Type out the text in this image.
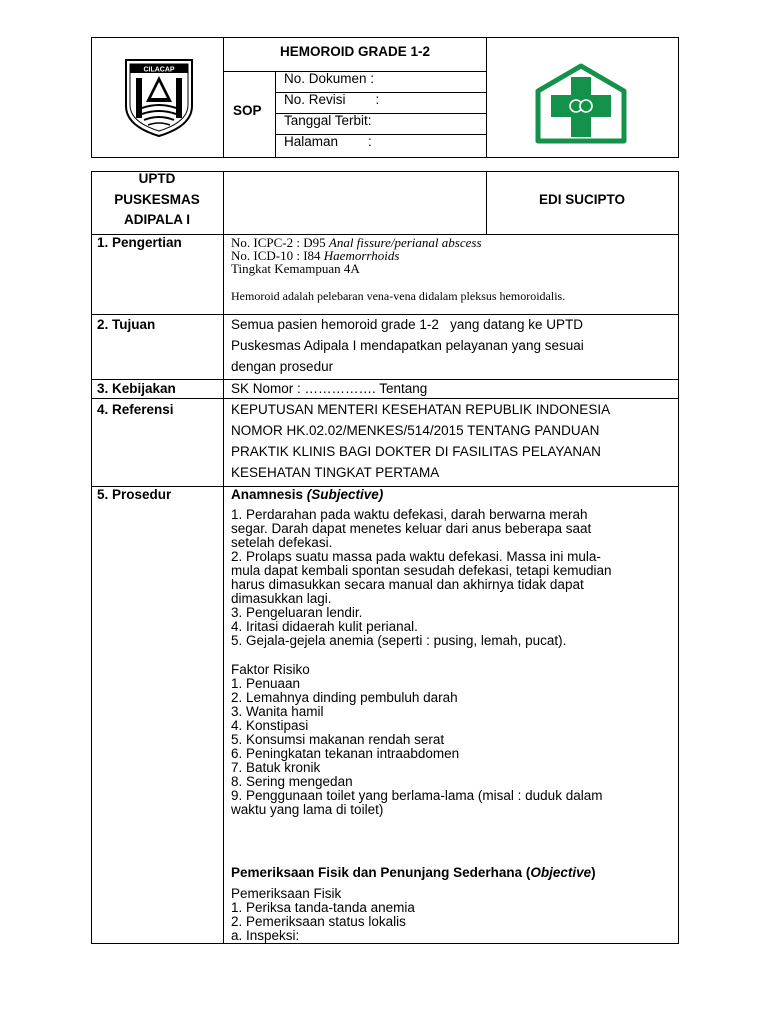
CILACAP
HEMOROID GRADE 1-2
SOP
No. Dokumen :
No. Revisi        :
Tanggal Terbit:
Halaman        :
UPTD
PUSKESMAS
ADIPALA I
EDI SUCIPTO
1. Pengertian	No. ICPC-2 : D95 Anal fissure/perianal abscess
No. ICD-10 : I84 Haemorrhoids
Tingkat Kemampuan 4A
Hemoroid adalah pelebaran vena-vena didalam pleksus hemoroidalis.
2. Tujuan	Semua pasien hemoroid grade 1-2   yang datang ke UPTD
Puskesmas Adipala I mendapatkan pelayanan yang sesuai
dengan prosedur
3. Kebijakan	SK Nomor : ……………. Tentang
4. Referensi	KEPUTUSAN MENTERI KESEHATAN REPUBLIK INDONESIA
NOMOR HK.02.02/MENKES/514/2015 TENTANG PANDUAN
PRAKTIK KLINIS BAGI DOKTER DI FASILITAS PELAYANAN
KESEHATAN TINGKAT PERTAMA
5. Prosedur	Anamnesis (Subjective)
1. Perdarahan pada waktu defekasi, darah berwarna merah
segar. Darah dapat menetes keluar dari anus beberapa saat
setelah defekasi.
2. Prolaps suatu massa pada waktu defekasi. Massa ini mula-
mula dapat kembali spontan sesudah defekasi, tetapi kemudian
harus dimasukkan secara manual dan akhirnya tidak dapat
dimasukkan lagi.
3. Pengeluaran lendir.
4. Iritasi didaerah kulit perianal.
5. Gejala-gejela anemia (seperti : pusing, lemah, pucat).
Faktor Risiko
1. Penuaan
2. Lemahnya dinding pembuluh darah
3. Wanita hamil
4. Konstipasi
5. Konsumsi makanan rendah serat
6. Peningkatan tekanan intraabdomen
7. Batuk kronik
8. Sering mengedan
9. Penggunaan toilet yang berlama-lama (misal : duduk dalam
waktu yang lama di toilet)
Pemeriksaan Fisik dan Penunjang Sederhana (Objective)
Pemeriksaan Fisik
1. Periksa tanda-tanda anemia
2. Pemeriksaan status lokalis
a. Inspeksi:
